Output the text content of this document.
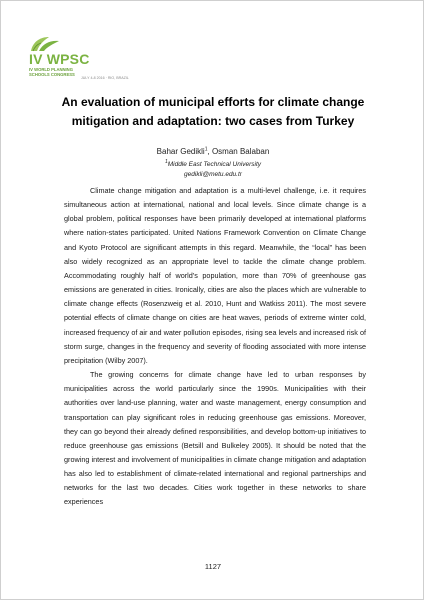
IV WPSC
IV WORLD PLANNING SCHOOLS CONGRESS
JULY 4-8 2016 · RIO, BRAZIL
An evaluation of municipal efforts for climate change mitigation and adaptation: two cases from Turkey
Bahar Gedikli$^1$, Osman Balaban
$^1$Middle East Technical University
gedikli@metu.edu.tr

Climate change mitigation and adaptation is a multi-level challenge, i.e. it requires simultaneous action at international, national and local levels. Since climate change is a global problem, political responses have been primarily developed at international platforms where nation-states participated. United Nations Framework Convention on Climate Change and Kyoto Protocol are significant attempts in this regard. Meanwhile, the “local” has been also widely recognized as an appropriate level to tackle the climate change problem. Accommodating roughly half of world’s population, more than 70% of greenhouse gas emissions are generated in cities. Ironically, cities are also the places which are vulnerable to climate change effects (Rosenzweig et al. 2010, Hunt and Watkiss 2011). The most severe potential effects of climate change on cities are heat waves, periods of extreme winter cold, increased frequency of air and water pollution episodes, rising sea levels and increased risk of storm surge, changes in the frequency and severity of flooding associated with more intense precipitation (Wilby 2007).

The growing concerns for climate change have led to urban responses by municipalities across the world particularly since the 1990s. Municipalities with their authorities over land-use planning, water and waste management, energy consumption and transportation can play significant roles in reducing greenhouse gas emissions. Moreover, they can go beyond their already defined responsibilities, and develop bottom-up initiatives to reduce greenhouse gas emissions (Betsill and Bulkeley 2005). It should be noted that the growing interest and involvement of municipalities in climate change mitigation and adaptation has also led to establishment of climate-related international and regional partnerships and networks for the last two decades. Cities work together in these networks to share experiences

1127
